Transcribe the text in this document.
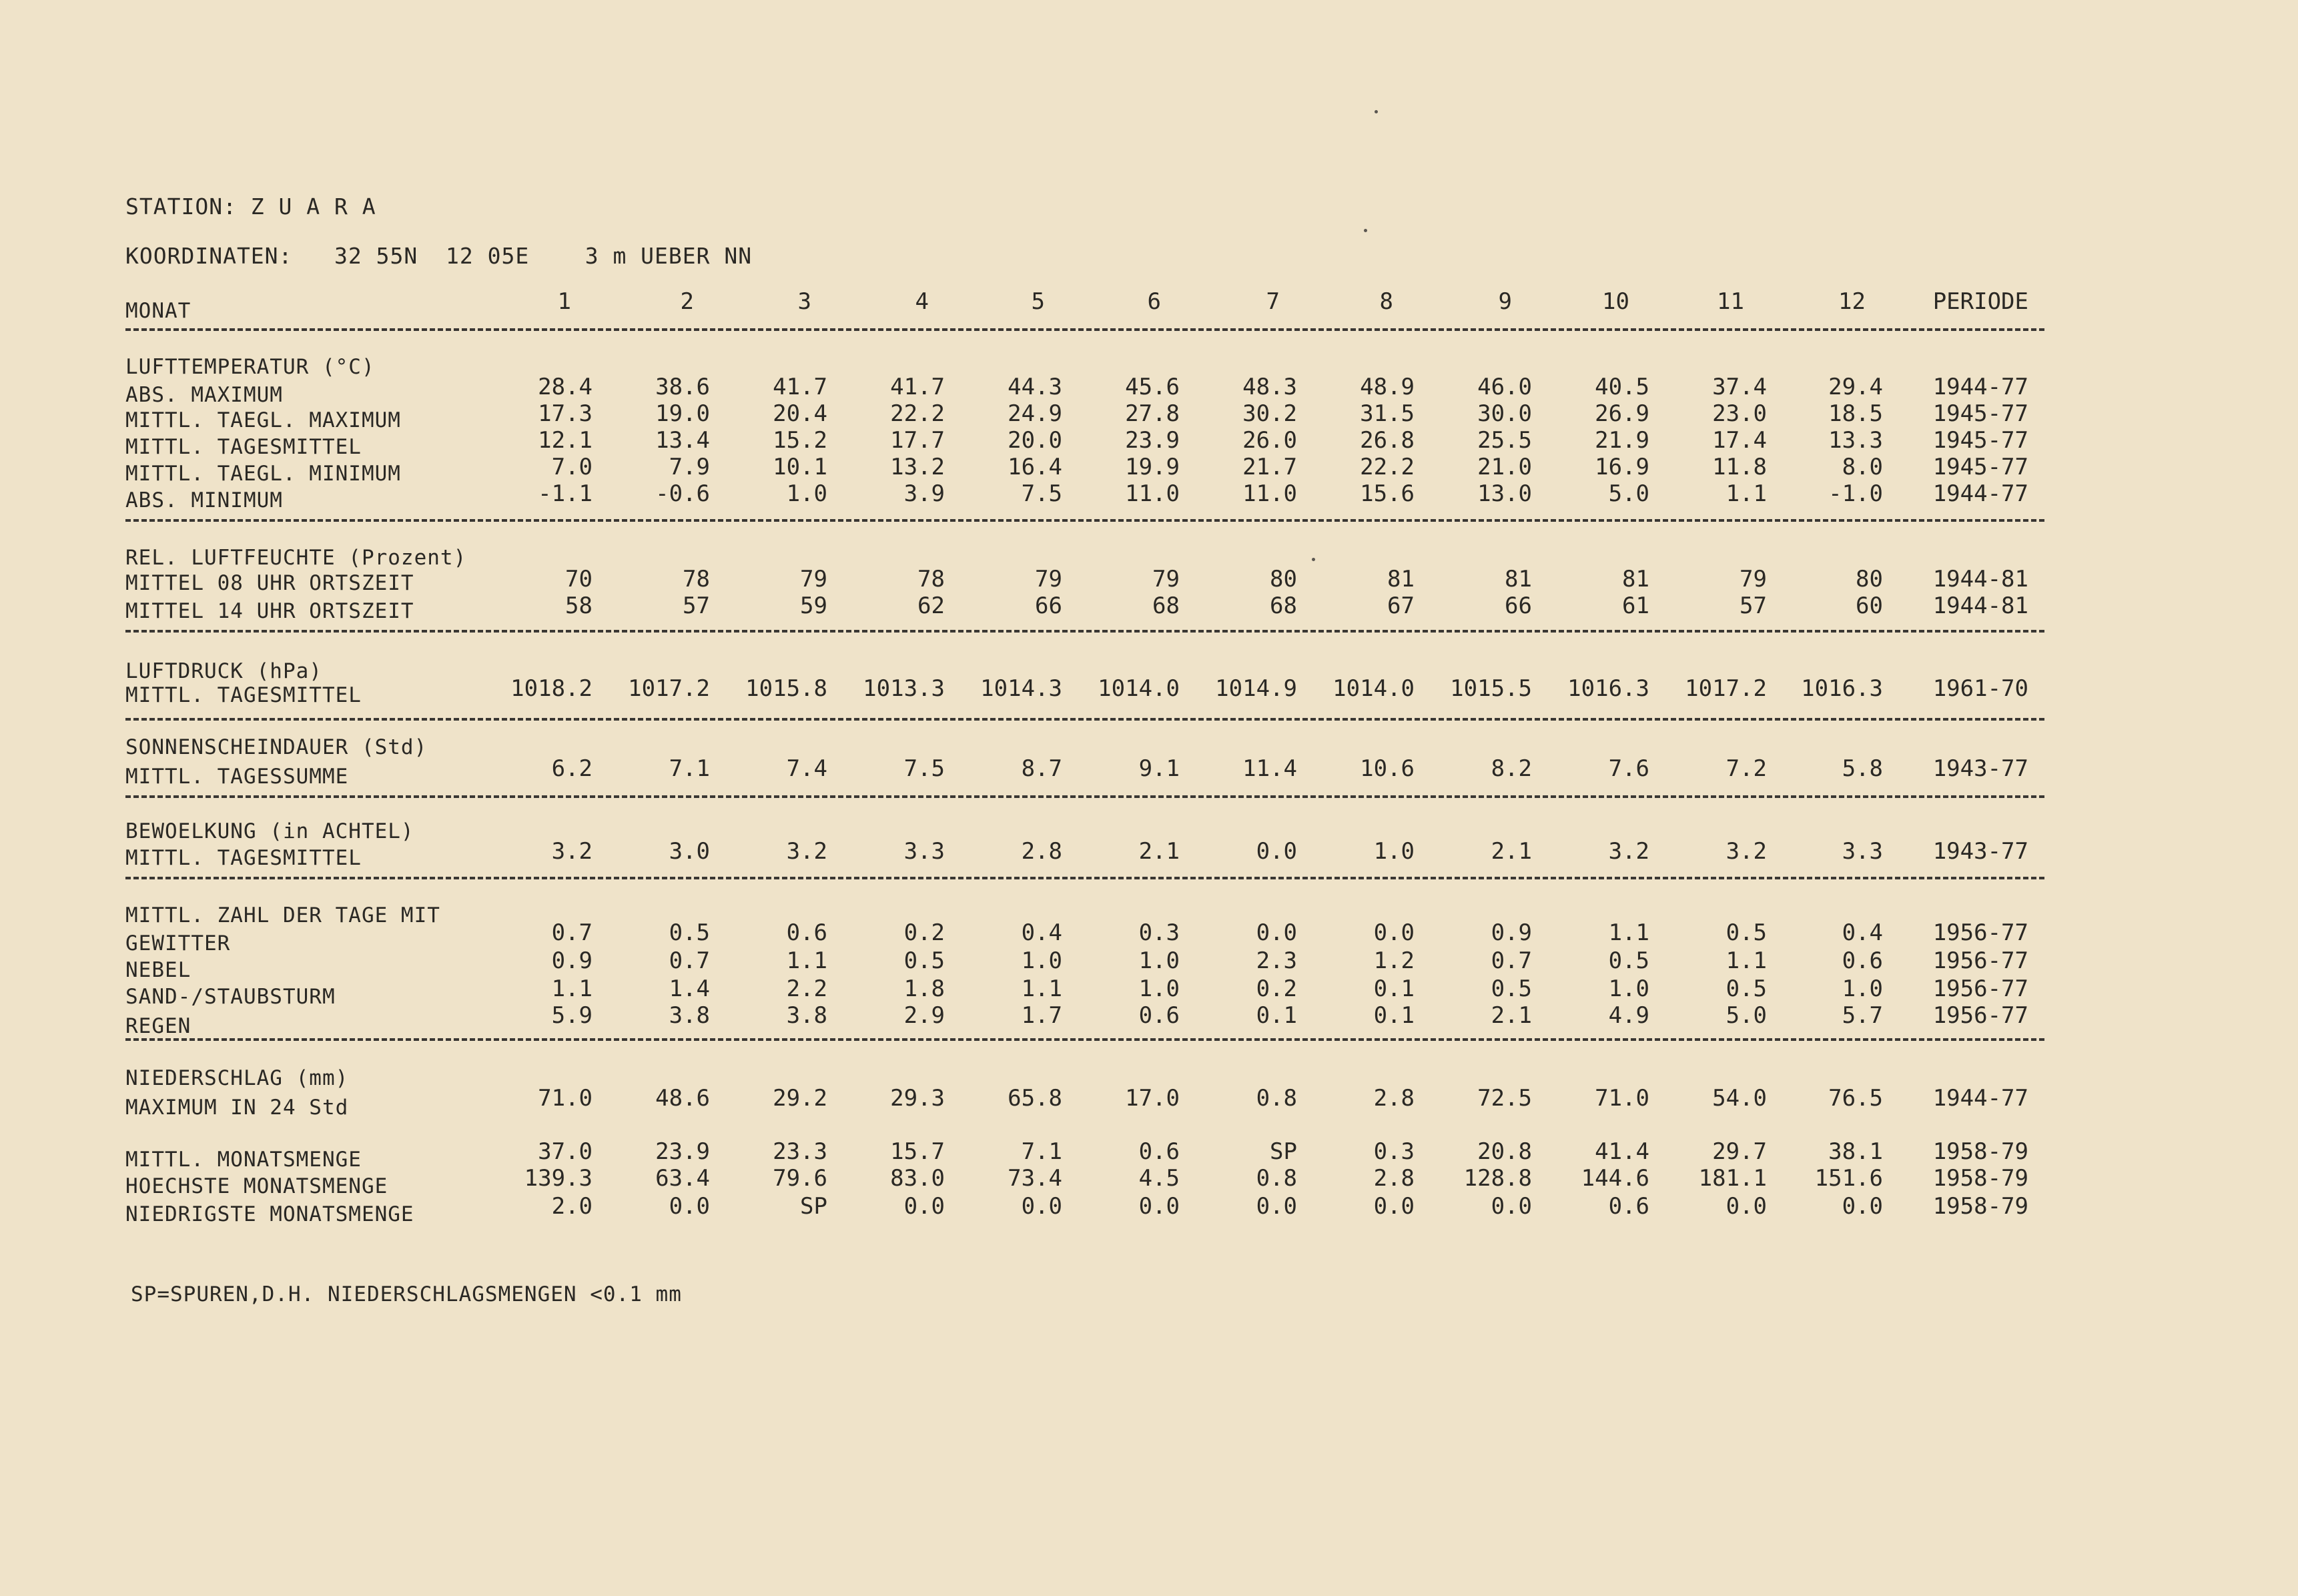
STATION: Z U A R A
KOORDINATEN: 32 55N 12 05E	3 m UEBER NN
MONAT	1	2	3	4	5	6	7	8	9	10	11	12	PERIODE
LUFTTEMPERATUR (°C)
REL. LUFTFEUCHTE (Prozent)
LUFTDRUCK (hPa)
SONNENSCHEINDAUER (Std)
BEWOELKUNG (in ACHTEL)
MITTL. ZAHL DER TAGE MIT
NIEDERSCHLAG (mm)
ABS. MAXIMUM	28.4	38.6	41.7	41.7	44.3	45.6	48.3	48.9	46.0	40.5	37.4	29.4	1944-77
MITTL. TAEGL. MAXIMUM	17.3	19.0	20.4	22.2	24.9	27.8	30.2	31.5	30.0	26.9	23.0	18.5	1945-77
MITTL. TAGESMITTEL	12.1	13.4	15.2	17.7	20.0	23.9	26.0	26.8	25.5	21.9	17.4	13.3	1945-77
MITTL. TAEGL. MINIMUM	7.0	7.9	10.1	13.2	16.4	19.9	21.7	22.2	21.0	16.9	11.8	8.0	1945-77
ABS. MINIMUM	-1.1	-0.6	1.0	3.9	7.5	11.0	11.0	15.6	13.0	5.0	1.1	-1.0	1944-77
MITTEL 08 UHR ORTSZEIT	70	78	79	78	79	79	80	81	81	81	79	80	1944-81
MITTEL 14 UHR ORTSZEIT	58	57	59	62	66	68	68	67	66	61	57	60	1944-81
MITTL. TAGESMITTEL	1018.2 1017.2 1015.8 1013.3 1014.3 1014.0 1014.9 1014.0 1015.5 1016.3 1017.2 1016.3	1961-70
MITTL. TAGESSUMME	6.2	7.1	7.4	7.5	8.7	9.1	11.4	10.6	8.2	7.6	7.2	5.8	1943-77
MITTL. TAGESMITTEL	3.2	3.0	3.2	3.3	2.8	2.1	0.0	1.0	2.1	3.2	3.2	3.3	1943-77
GEWITTER	0.7	0.5	0.6	0.2	0.4	0.3	0.0	0.0	0.9	1.1	0.5	0.4	1956-77
NEBEL	0.9	0.7	1.1	0.5	1.0	1.0	2.3	1.2	0.7	0.5	1.1	0.6	1956-77
SAND-/STAUBSTURM	1.1	1.4	2.2	1.8	1.1	1.0	0.2	0.1	0.5	1.0	0.5	1.0	1956-77
REGEN	5.9	3.8	3.8	2.9	1.7	0.6	0.1	0.1	2.1	4.9	5.0	5.7	1956-77
MAXIMUM IN 24 Std	71.0	48.6	29.2	29.3	65.8	17.0	0.8	2.8	72.5	71.0	54.0	76.5	1944-77
MITTL. MONATSMENGE	37.0	23.9	23.3	15.7	7.1	0.6	SP	0.3	20.8	41.4	29.7	38.1	1958-79
HOECHSTE MONATSMENGE	139.3	63.4	79.6	83.0	73.4	4.5	0.8	2.8	128.8	144.6	181.1	151.6	1958-79
NIEDRIGSTE MONATSMENGE	2.0	0.0	SP	0.0	0.0	0.0	0.0	0.0	0.0	0.6	0.0	0.0	1958-79
SP=SPUREN,D.H. NIEDERSCHLAGSMENGEN <0.1 mm
